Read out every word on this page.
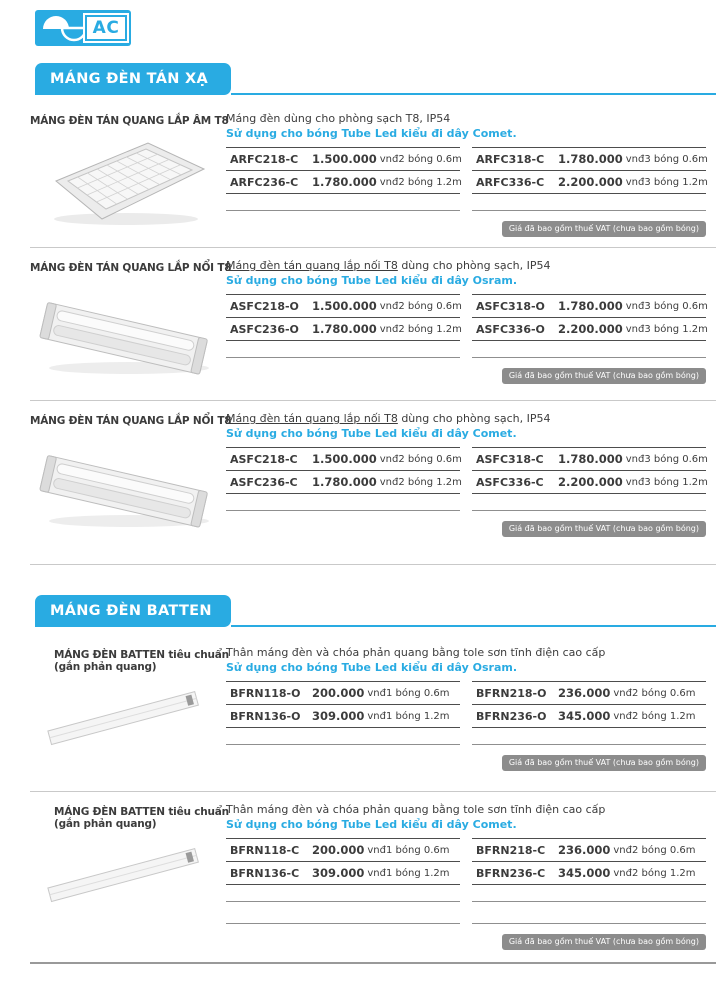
AC
MÁNG ĐÈN TÁN XẠ
MÁNG ĐÈN TÁN QUANG LẮP ÂM T8
Máng đèn dùng cho phòng sạch T8, IP54
Sử dụng cho bóng Tube Led kiểu đi dây Comet.
ARFC218-C	1.500.000 vnđ 2 bóng 0.6m
ARFC236-C	1.780.000 vnđ 2 bóng 1.2m
ARFC318-C	1.780.000 vnđ 3 bóng 0.6m
ARFC336-C	2.200.000 vnđ 3 bóng 1.2m
Giá đã bao gồm thuế VAT (chưa bao gồm bóng)
MÁNG ĐÈN TÁN QUANG LẮP NỔI T8
Máng đèn tán quang lắp nối T8 dùng cho phòng sạch, IP54
Sử dụng cho bóng Tube Led kiểu đi dây Osram.
ASFC218-O	1.500.000 vnđ 2 bóng 0.6m
ASFC236-O	1.780.000 vnđ 2 bóng 1.2m
ASFC318-O	1.780.000 vnđ 3 bóng 0.6m
ASFC336-O	2.200.000 vnđ 3 bóng 1.2m
Giá đã bao gồm thuế VAT (chưa bao gồm bóng)
MÁNG ĐÈN TÁN QUANG LẮP NỔI T8
Máng đèn tán quang lắp nối T8 dùng cho phòng sạch, IP54
Sử dụng cho bóng Tube Led kiểu đi dây Comet.
ASFC218-C	1.500.000 vnđ 2 bóng 0.6m
ASFC236-C	1.780.000 vnđ 2 bóng 1.2m
ASFC318-C	1.780.000 vnđ 3 bóng 0.6m
ASFC336-C	2.200.000 vnđ 3 bóng 1.2m
Giá đã bao gồm thuế VAT (chưa bao gồm bóng)
MÁNG ĐÈN BATTEN
MÁNG ĐÈN BATTEN tiêu chuẩn
(gắn phản quang)
Thân máng đèn và chóa phản quang bằng tole sơn tĩnh điện cao cấp
Sử dụng cho bóng Tube Led kiểu đi dây Osram.
BFRN118-O	200.000 vnđ 1 bóng 0.6m
BFRN136-O	309.000 vnđ 1 bóng 1.2m
BFRN218-O	236.000 vnđ 2 bóng 0.6m
BFRN236-O	345.000 vnđ 2 bóng 1.2m
Giá đã bao gồm thuế VAT (chưa bao gồm bóng)
MÁNG ĐÈN BATTEN tiêu chuẩn
(gắn phản quang)
Thân máng đèn và chóa phản quang bằng tole sơn tĩnh điện cao cấp
Sử dụng cho bóng Tube Led kiểu đi dây Comet.
BFRN118-C	200.000 vnđ 1 bóng 0.6m
BFRN136-C	309.000 vnđ 1 bóng 1.2m
BFRN218-C	236.000 vnđ 2 bóng 0.6m
BFRN236-C	345.000 vnđ 2 bóng 1.2m
Giá đã bao gồm thuế VAT (chưa bao gồm bóng)
